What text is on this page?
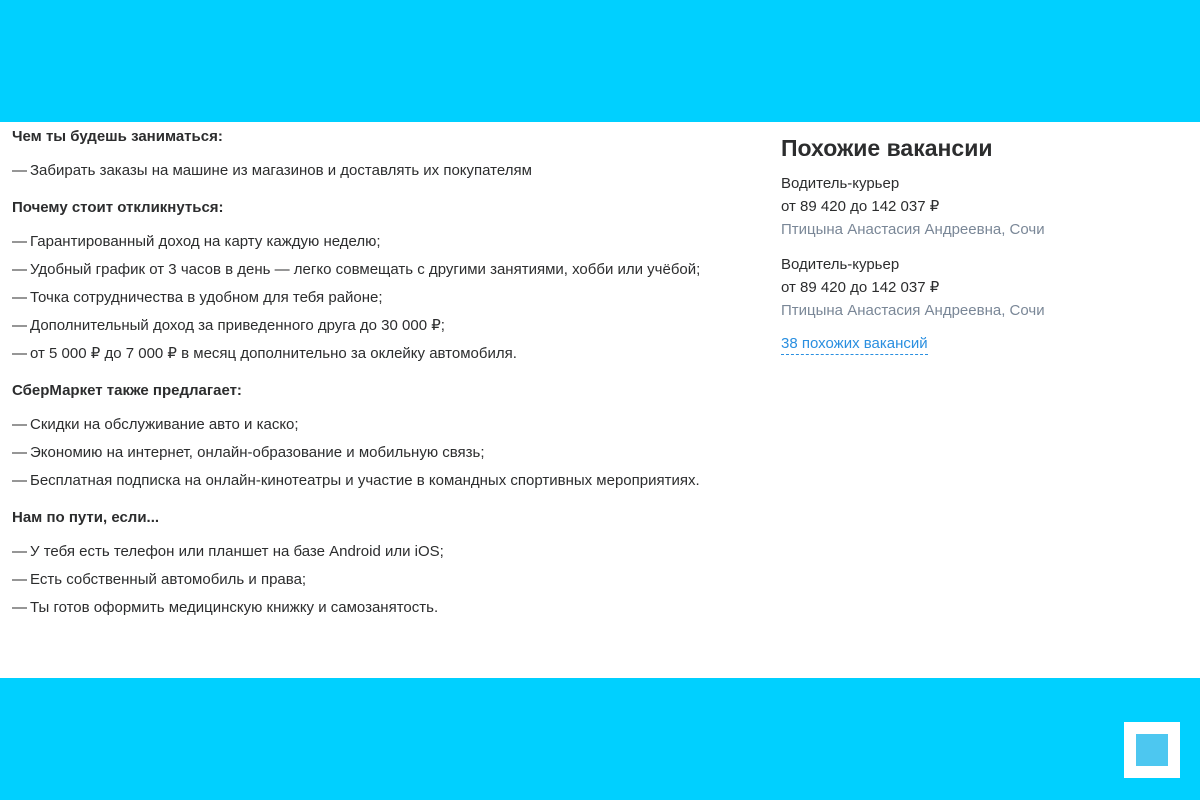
Чем ты будешь заниматься:
— Забирать заказы на машине из магазинов и доставлять их покупателям
Почему стоит откликнуться:
— Гарантированный доход на карту каждую неделю;
— Удобный график от 3 часов в день — легко совмещать с другими занятиями, хобби или учёбой;
— Точка сотрудничества в удобном для тебя районе;
— Дополнительный доход за приведенного друга до 30 000 ₽;
— от 5 000 ₽ до 7 000 ₽ в месяц дополнительно за оклейку автомобиля.
СберМаркет также предлагает:
— Скидки на обслуживание авто и каско;
— Экономию на интернет, онлайн-образование и мобильную связь;
— Бесплатная подписка на онлайн-кинотеатры и участие в командных спортивных мероприятиях.
Нам по пути, если...
— У тебя есть телефон или планшет на базе Android или iOS;
— Есть собственный автомобиль и права;
— Ты готов оформить медицинскую книжку и самозанятость.
Похожие вакансии
Водитель-курьер
от 89 420 до 142 037 ₽
Птицына Анастасия Андреевна, Сочи
Водитель-курьер
от 89 420 до 142 037 ₽
Птицына Анастасия Андреевна, Сочи
38 похожих вакансий
